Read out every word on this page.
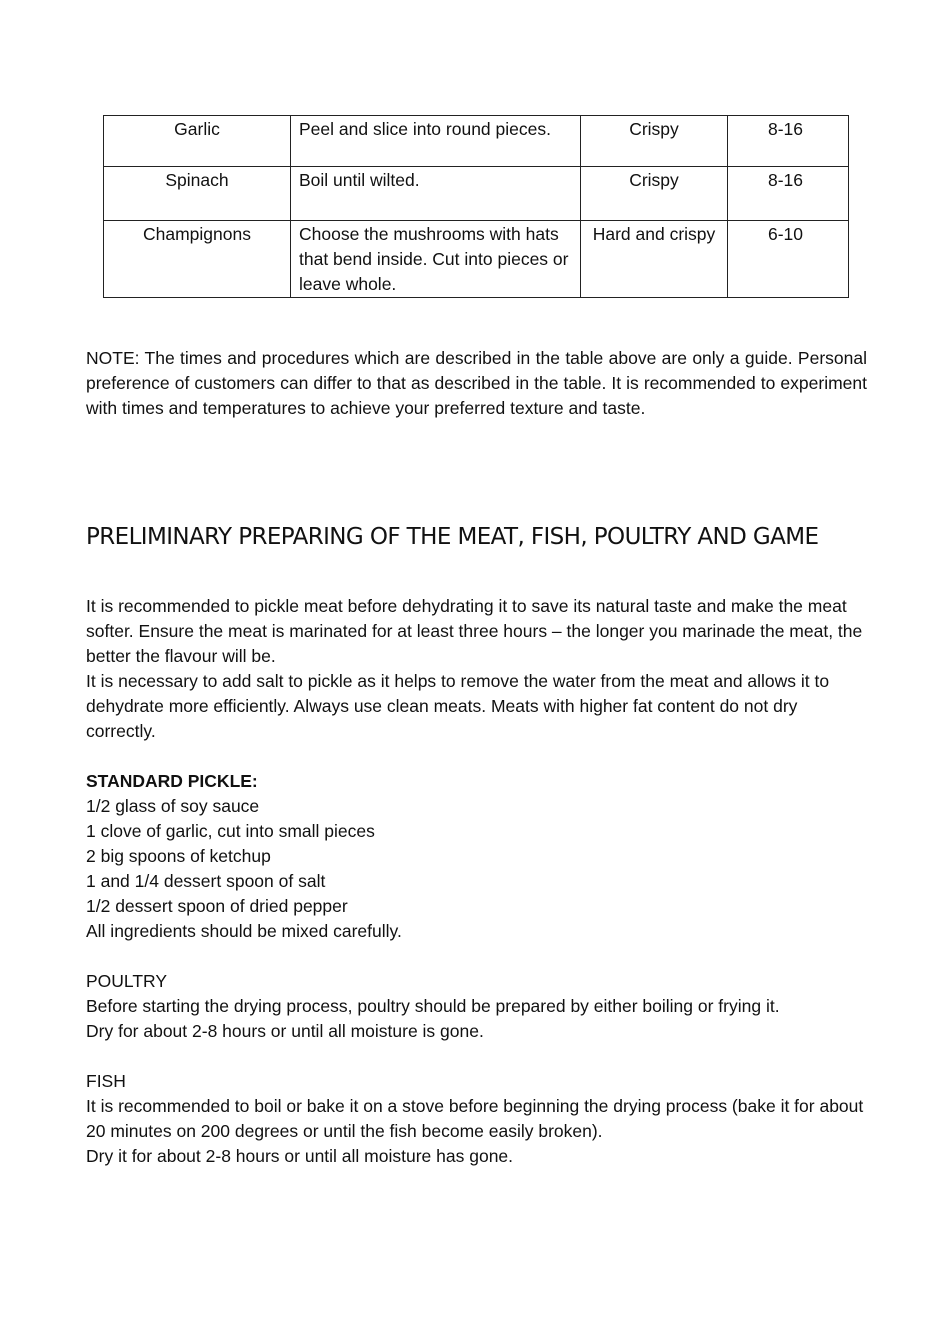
Garlic	Peel and slice into round pieces.	Crispy	8-16
Spinach	Boil until wilted.	Crispy	8-16
Champignons	Choose the mushrooms with hats that bend inside. Cut into pieces or leave whole.	Hard and crispy	6-10

NOTE: The times and procedures which are described in the table above are only a guide. Personal preference of customers can differ to that as described in the table. It is recommended to experiment with times and temperatures to achieve your preferred texture and taste.

PRELIMINARY PREPARING OF THE MEAT, FISH, POULTRY AND GAME

It is recommended to pickle meat before dehydrating it to save its natural taste and make the meat softer. Ensure the meat is marinated for at least three hours – the longer you marinade the meat, the better the flavour will be.

It is necessary to add salt to pickle as it helps to remove the water from the meat and allows it to dehydrate more efficiently. Always use clean meats. Meats with higher fat content do not dry correctly.

STANDARD PICKLE:

1/2 glass of soy sauce

1 clove of garlic, cut into small pieces

2 big spoons of ketchup

1 and 1/4 dessert spoon of salt

1/2 dessert spoon of dried pepper

All ingredients should be mixed carefully.

POULTRY

Before starting the drying process, poultry should be prepared by either boiling or frying it.

Dry for about 2-8 hours or until all moisture is gone.

FISH

It is recommended to boil or bake it on a stove before beginning the drying process (bake it for about 20 minutes on 200 degrees or until the fish become easily broken).

Dry it for about 2-8 hours or until all moisture has gone.
